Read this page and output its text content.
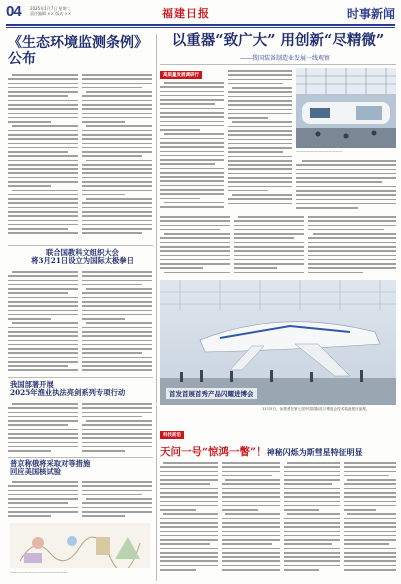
04 2025年1月7日 星期二
责任编辑 ×× 版式 ××	福建日报	时事新闻
《生态环境监测条例》
公布
联合国教科文组织大会
将3月21日设立为国际太极拳日
我国部署开展
2025年渔业执法亮剑系列专项行动
普京称俄将采取对等措施
回应美国核试验
————————————————
以重器“致广大” 用创新“尽精微”
——我国装备制造业发展一线观察
高质量发展调研行
—————————————
首发首展首秀产品闪耀进博会
11月5日，参观者在第七届中国国际进口博览会技术装备展区参观。
科技前沿
天问一号“惊鸿一瞥”！神秘闪烁为斯彗星特征明显
